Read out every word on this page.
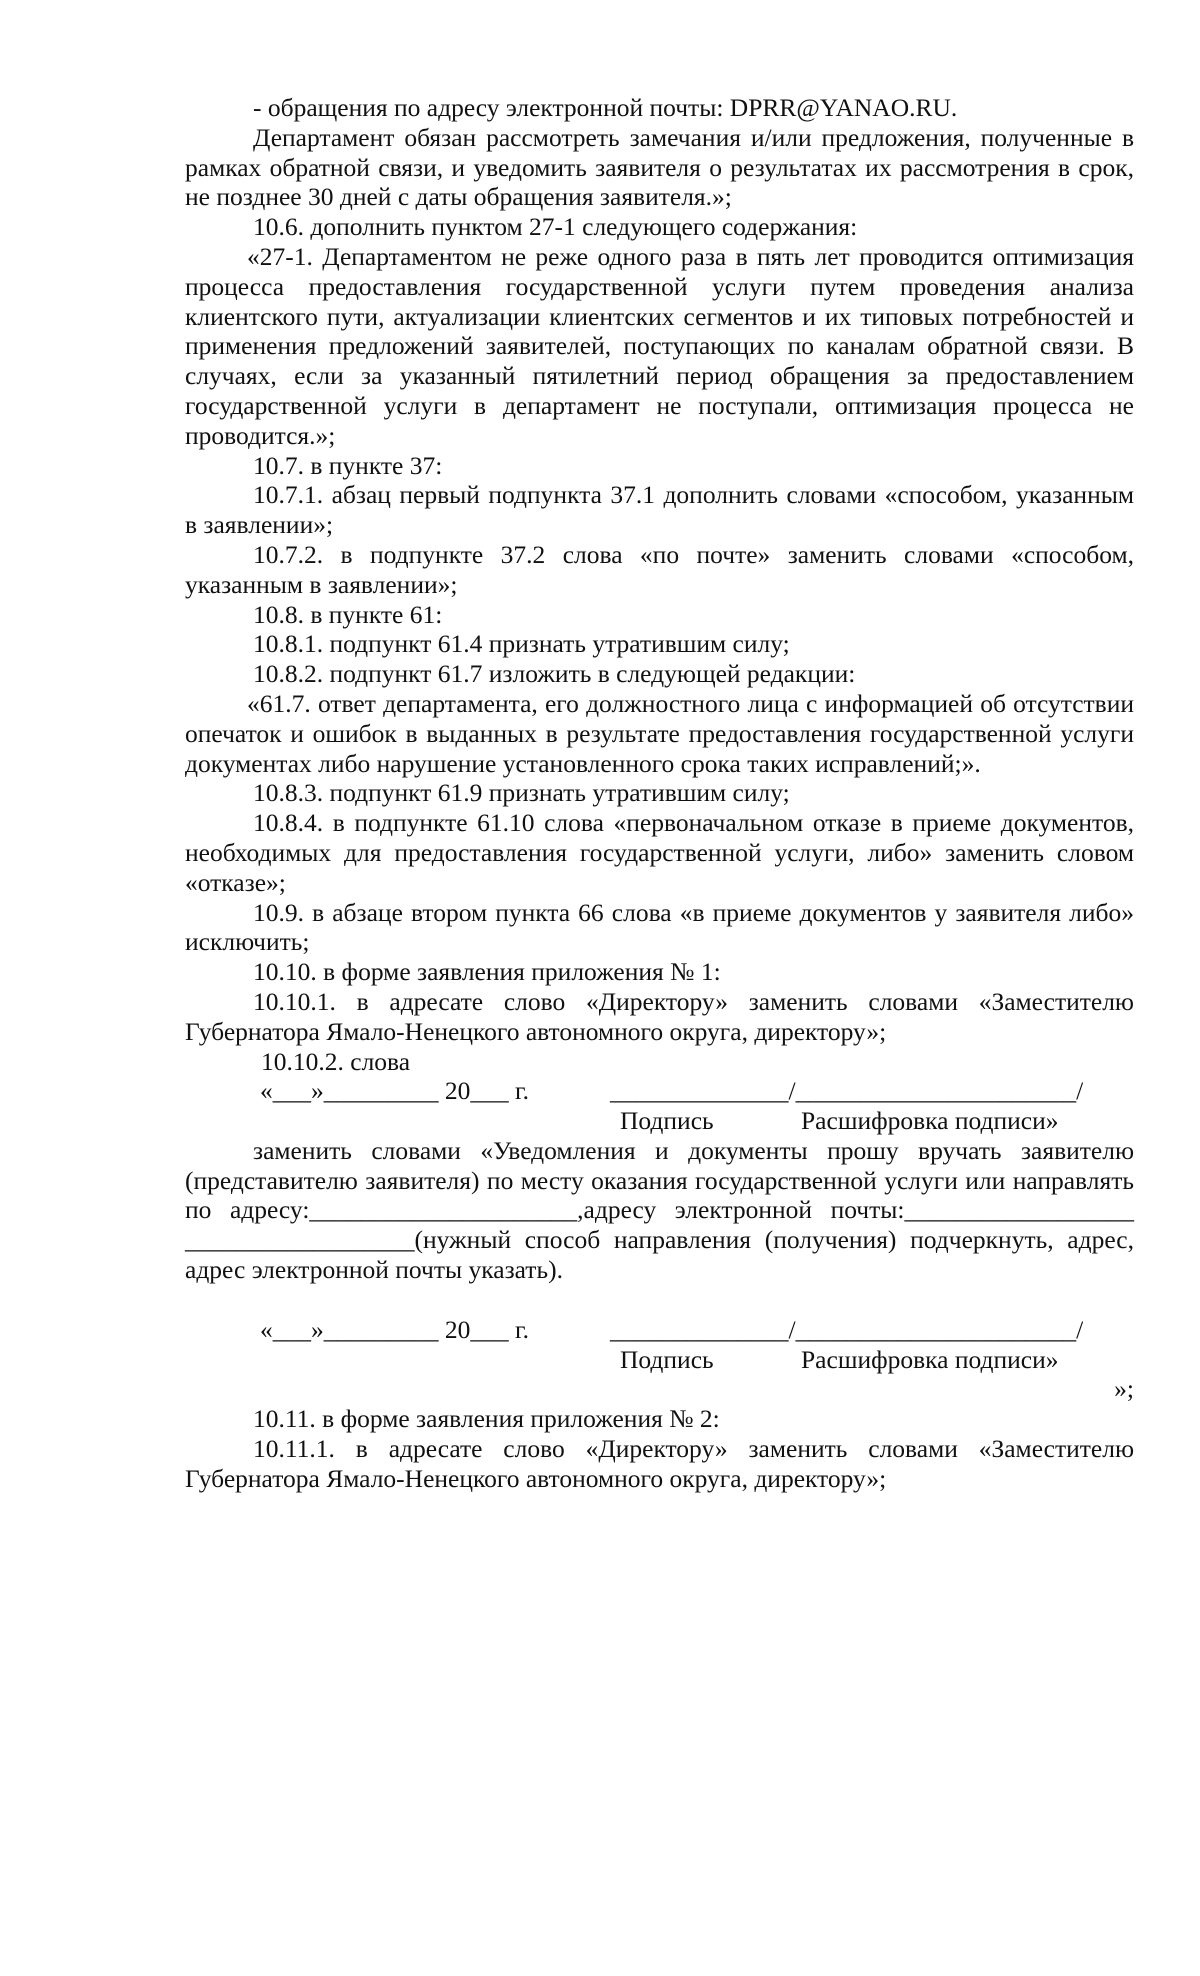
- обращения по адресу электронной почты: DPRR@YANAO.RU.

Департамент обязан рассмотреть замечания и/или предложения, полученные в рамках обратной связи, и уведомить заявителя о результатах их рассмотрения в срок, не позднее 30 дней с даты обращения заявителя.»;

10.6. дополнить пунктом 27-1 следующего содержания:

«27-1. Департаментом не реже одного раза в пять лет проводится оптимизация процесса предоставления государственной услуги путем проведения анализа клиентского пути, актуализации клиентских сегментов и их типовых потребностей и применения предложений заявителей, поступающих по каналам обратной связи. В случаях, если за указанный пятилетний период обращения за предоставлением государственной услуги в департамент не поступали, оптимизация процесса не проводится.»;

10.7. в пункте 37:

10.7.1. абзац первый подпункта 37.1 дополнить словами «способом, указанным в заявлении»;

10.7.2. в подпункте 37.2 слова «по почте» заменить словами «способом, указанным в заявлении»;

10.8. в пункте 61:

10.8.1. подпункт 61.4 признать утратившим силу;

10.8.2. подпункт 61.7 изложить в следующей редакции:

«61.7. ответ департамента, его должностного лица с информацией об отсутствии опечаток и ошибок в выданных в результате предоставления государственной услуги документах либо нарушение установленного срока таких исправлений;».

10.8.3. подпункт 61.9 признать утратившим силу;

10.8.4. в подпункте 61.10 слова «первоначальном отказе в приеме документов, необходимых для предоставления государственной услуги, либо» заменить словом «отказе»;

10.9. в абзаце втором пункта 66 слова «в приеме документов у заявителя либо» исключить;

10.10. в форме заявления приложения № 1:

10.10.1. в адресате слово «Директору» заменить словами «Заместителю Губернатора Ямало-Ненецкого автономного округа, директору»;

10.10.2. слова

«___»_________ 20___ г.	______________/______________________/
Подпись	Расшифровка подписи»

заменить словами «Уведомления и документы прошу вручать заявителю (представителю заявителя) по месту оказания государственной услуги или направлять по адресу:_____________________,адресу электронной почты:__________________ __________________(нужный способ направления (получения) подчеркнуть, адрес, адрес электронной почты указать).

«___»_________ 20___ г.	______________/______________________/
Подпись	Расшифровка подписи»

»;

10.11. в форме заявления приложения № 2:

10.11.1. в адресате слово «Директору» заменить словами «Заместителю Губернатора Ямало-Ненецкого автономного округа, директору»;
